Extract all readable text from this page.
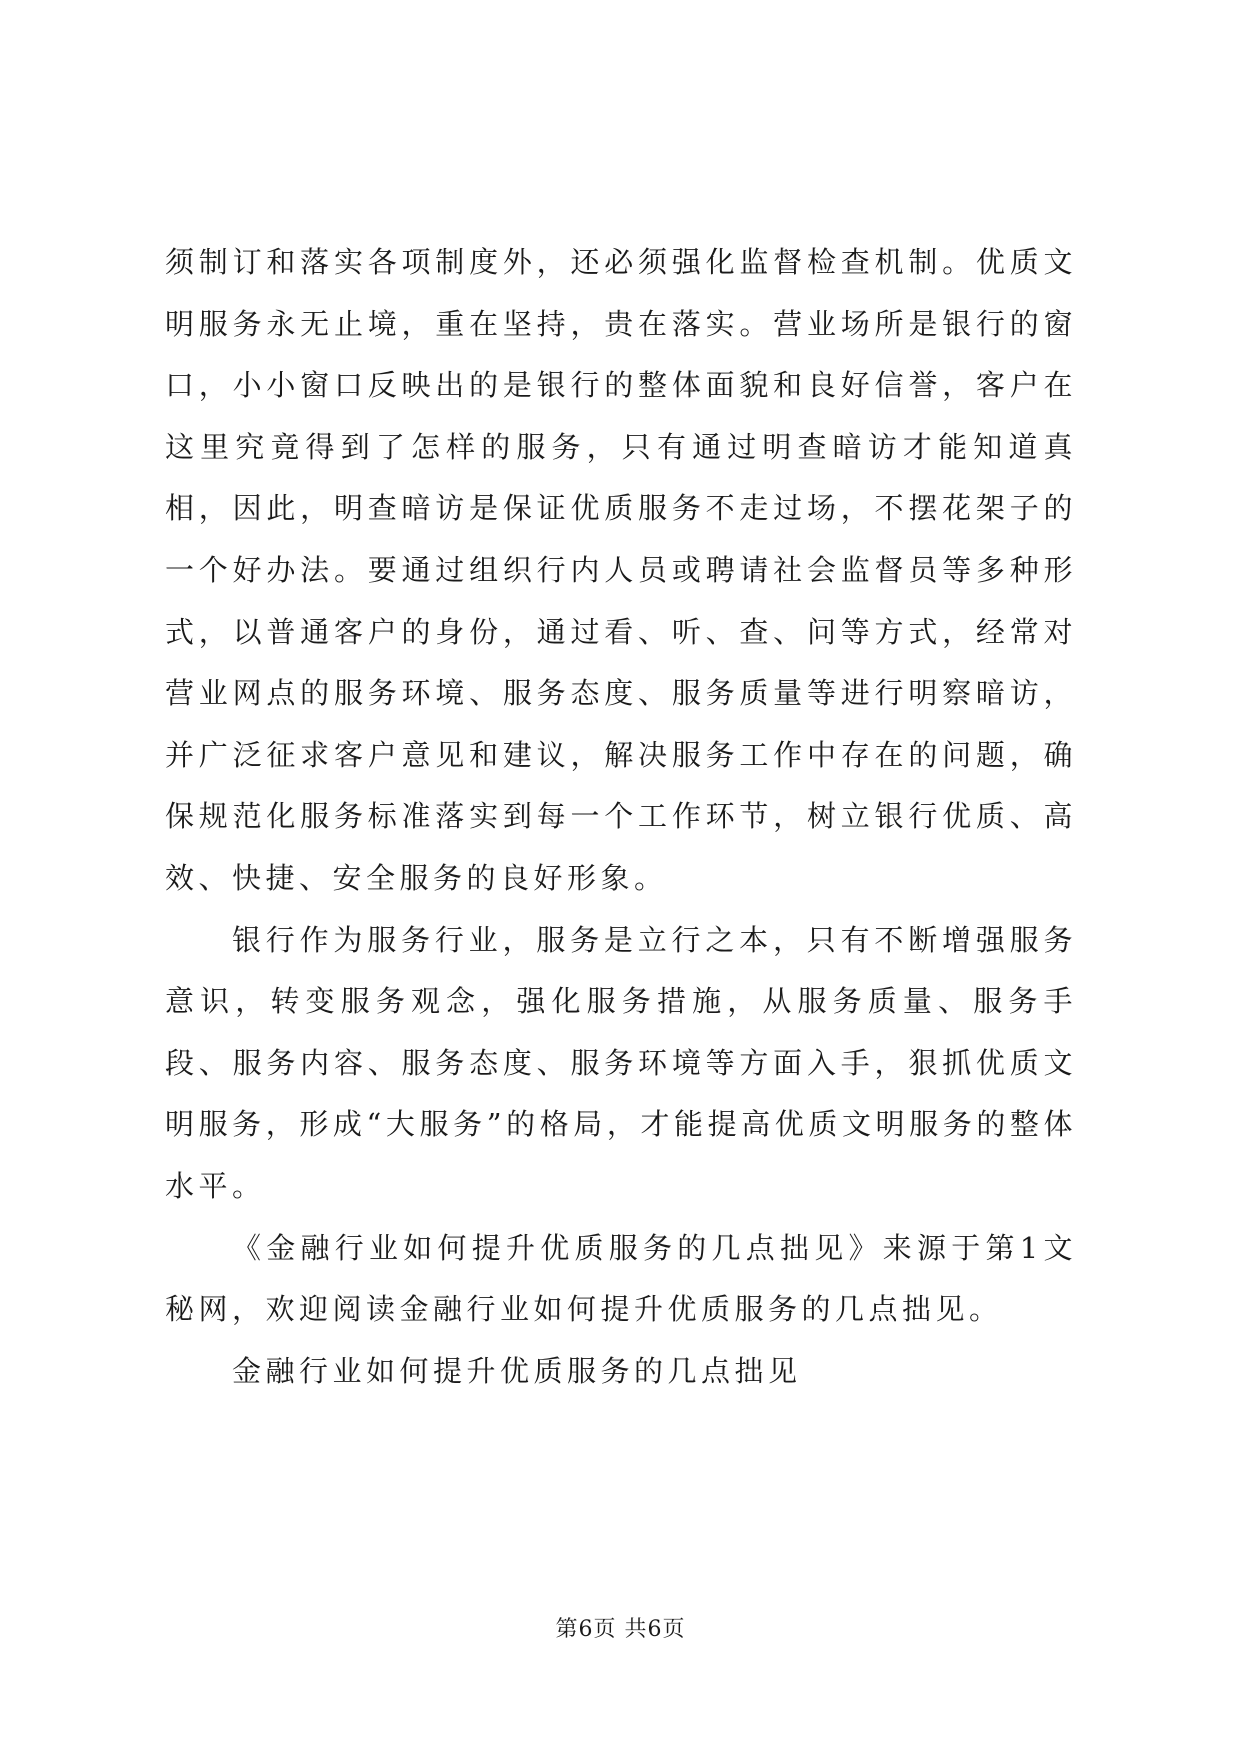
须制订和落实各项制度外，还必须强化监督检查机制。优质文明服务永无止境，重在坚持，贵在落实。营业场所是银行的窗口，小小窗口反映出的是银行的整体面貌和良好信誉，客户在这里究竟得到了怎样的服务，只有通过明查暗访才能知道真相，因此，明查暗访是保证优质服务不走过场，不摆花架子的一个好办法。要通过组织行内人员或聘请社会监督员等多种形式，以普通客户的身份，通过看、听、查、问等方式，经常对营业网点的服务环境、服务态度、服务质量等进行明察暗访，并广泛征求客户意见和建议，解决服务工作中存在的问题，确保规范化服务标准落实到每一个工作环节，树立银行优质、高效、快捷、安全服务的良好形象。

银行作为服务行业，服务是立行之本，只有不断增强服务意识，转变服务观念，强化服务措施，从服务质量、服务手段、服务内容、服务态度、服务环境等方面入手，狠抓优质文明服务，形成“大服务”的格局，才能提高优质文明服务的整体水平。

《金融行业如何提升优质服务的几点拙见》来源于第1文秘网，欢迎阅读金融行业如何提升优质服务的几点拙见。

金融行业如何提升优质服务的几点拙见

第6页 共6页
